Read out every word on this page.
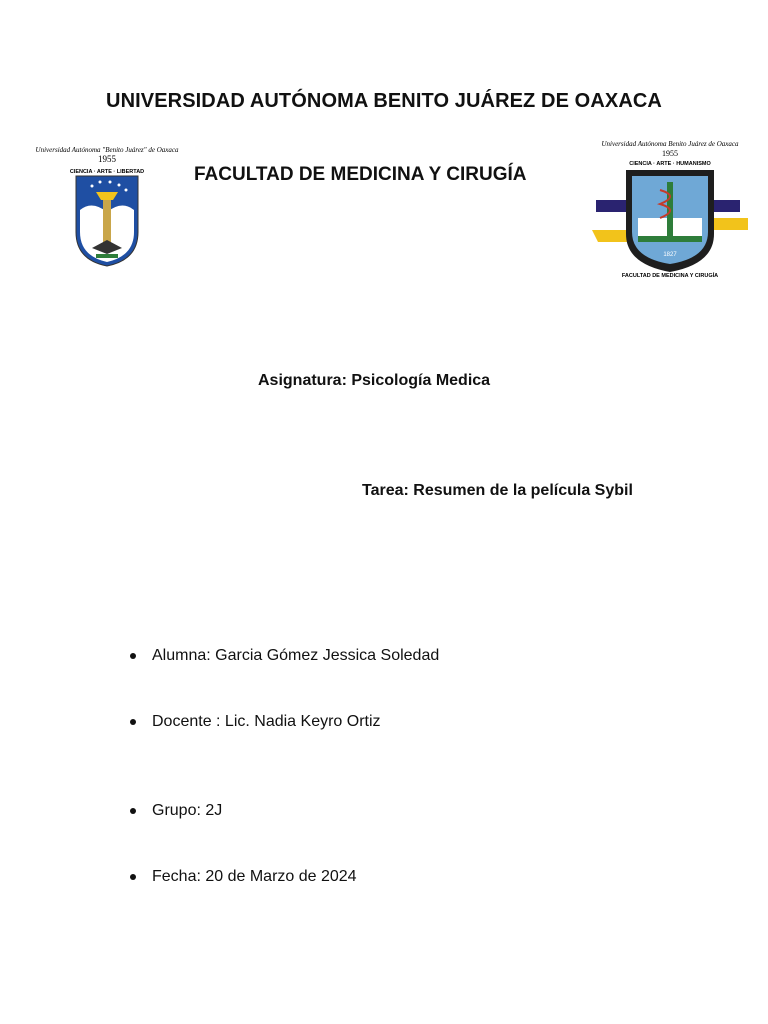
UNIVERSIDAD AUTÓNOMA BENITO JUÁREZ DE OAXACA
Universidad Autónoma "Benito Juárez" de Oaxaca
1955
CIENCIA · ARTE · LIBERTAD	FACULTAD DE MEDICINA Y CIRUGÍA
Universidad Autónoma Benito Juárez de Oaxaca
1955
CIENCIA · ARTE · HUMANISMO
1827
FACULTAD DE MEDICINA Y CIRUGÍA
Asignatura: Psicología Medica
Tarea: Resumen de la película Sybil
Alumna: Garcia Gómez Jessica Soledad
Docente : Lic. Nadia Keyro Ortiz
Grupo: 2J
Fecha: 20 de Marzo de 2024
